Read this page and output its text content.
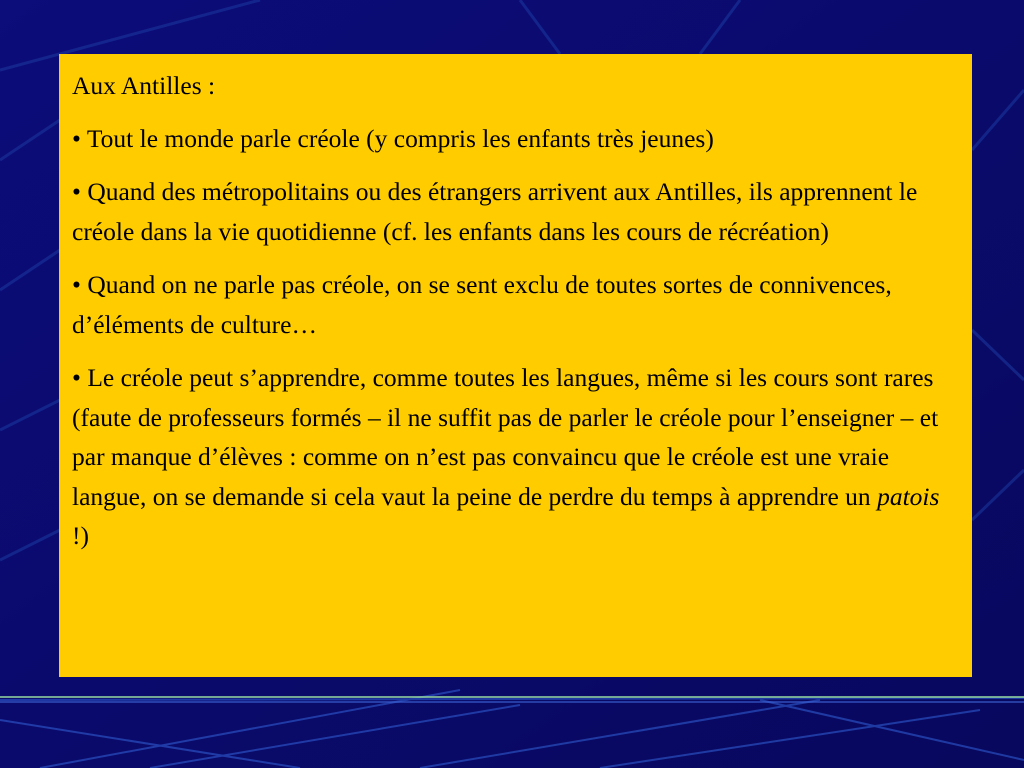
Aux Antilles :

• Tout le monde parle créole (y compris les enfants très jeunes)

• Quand des métropolitains ou des étrangers arrivent aux Antilles, ils apprennent le créole dans la vie quotidienne (cf. les enfants dans les cours de récréation)

• Quand on ne parle pas créole, on se sent exclu de toutes sortes de connivences, d’éléments de culture…

• Le créole peut s’apprendre, comme toutes les langues, même si les cours sont rares (faute de professeurs formés – il ne suffit pas de parler le créole pour l’enseigner – et par manque d’élèves : comme on n’est pas convaincu que le créole est une vraie langue, on se demande si cela vaut la peine de perdre du temps à apprendre un patois !)
